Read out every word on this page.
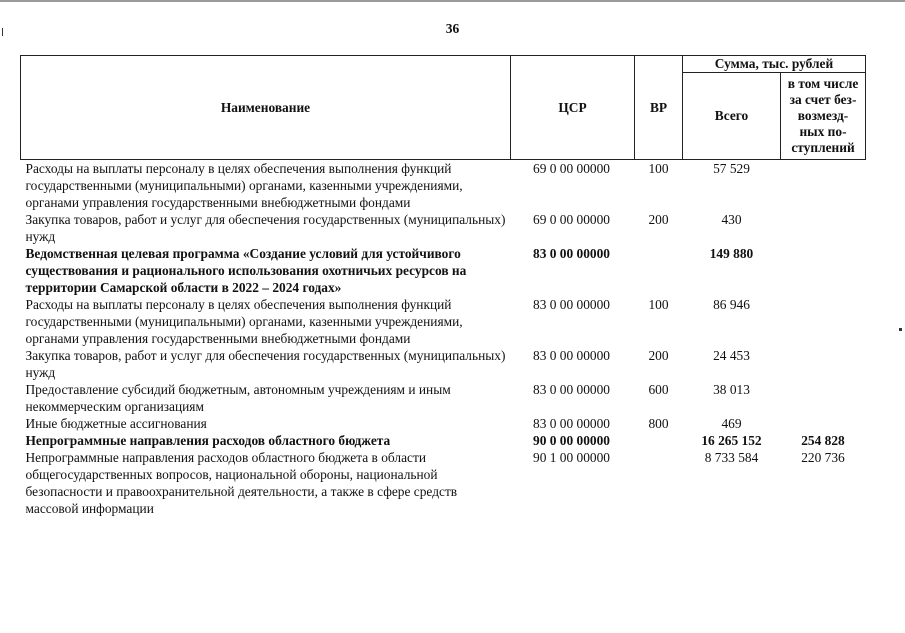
36
Наименование	ЦСР	ВР	Сумма, тыс. рублей	
			Всего	в том числе
за счет без-
возмезд-
ных по-
ступлений

Расходы на выплаты персоналу в целях обеспечения выполнения функций государственными (муниципальными) органами, казенными учреждениями, органами управления государственными внебюджетными фондами	69 0 00 00000	100	57 529	
Закупка товаров, работ и услуг для обеспечения государственных (муниципальных) нужд	69 0 00 00000	200	430	
Ведомственная целевая программа «Создание условий для устойчивого существования и рационального использования охотничьих ресурсов на территории Самарской области в 2022 – 2024 годах»	83 0 00 00000		149 880	
Расходы на выплаты персоналу в целях обеспечения выполнения функций государственными (муниципальными) органами, казенными учреждениями, органами управления государственными внебюджетными фондами	83 0 00 00000	100	86 946	
Закупка товаров, работ и услуг для обеспечения государственных (муниципальных) нужд	83 0 00 00000	200	24 453	
Предоставление субсидий бюджетным, автономным учреждениям и иным некоммерческим организациям	83 0 00 00000	600	38 013	
Иные бюджетные ассигнования	83 0 00 00000	800	469	
Непрограммные направления расходов областного бюджета	90 0 00 00000		16 265 152	254 828
Непрограммные направления расходов областного бюджета в области общегосударственных вопросов, национальной обороны, национальной безопасности и правоохранительной деятельности, а также в сфере средств массовой информации	90 1 00 00000		8 733 584	220 736
